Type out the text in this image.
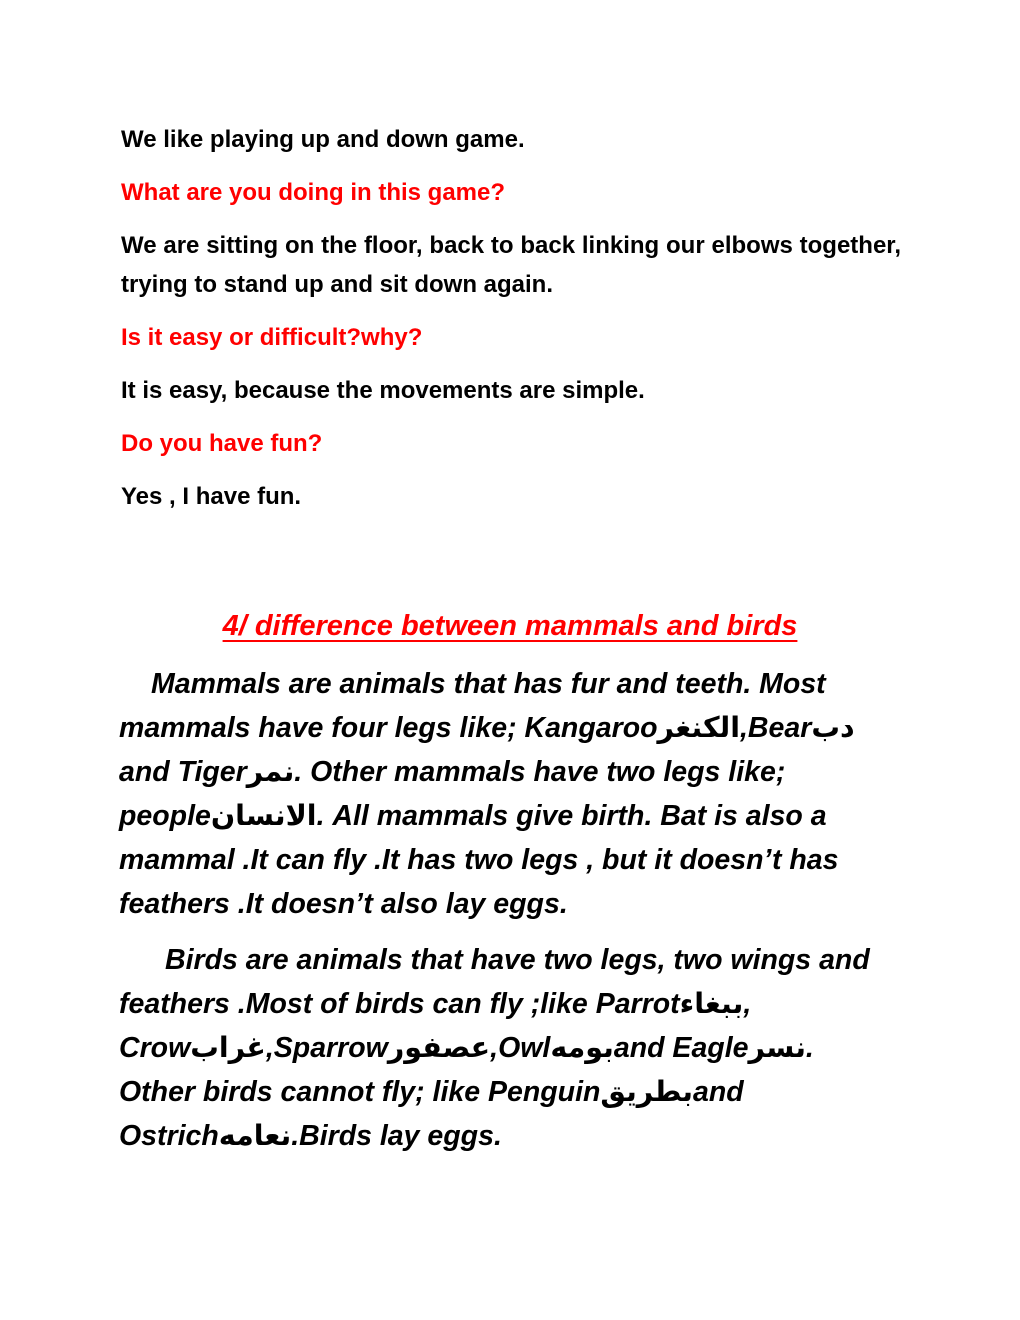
We like playing up and down game.

What are you doing in this game?

We are sitting on the floor, back to back linking our elbows together, trying to stand up and sit down again.

Is it easy or difficult?why?

It is easy, because the movements are simple.

Do you have fun?

Yes , I have fun.

4/ difference between mammals and birds

Mammals are animals that has fur and teeth. Most mammals have four legs like; Kangarooالكنغر,Bearدب and Tigerنمر. Other mammals have two legs like; peopleالانسان. All mammals give birth. Bat is also a mammal .It can fly .It has two legs , but it doesn’t has feathers .It doesn’t also lay eggs.

Birds are animals that have two legs, two wings and feathers .Most of birds can fly ;like Parrotببغاء, Crowغراب,Sparrowعصفور,Owlبومهand Eagleنسر. Other birds cannot fly; like Penguinبطريقand Ostrichنعامه.Birds lay eggs.
